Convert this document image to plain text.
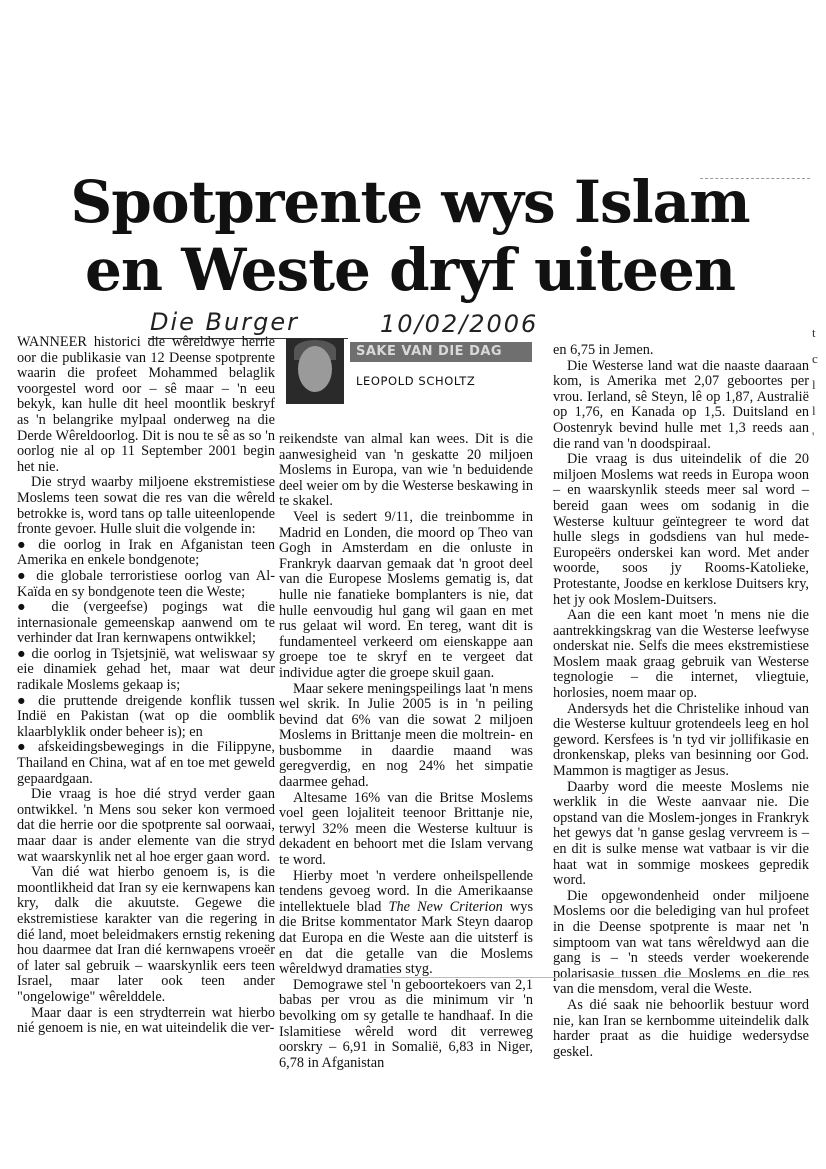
Spotprente wys Islam
en Weste dryf uiteen
Die Burger	10/02/2006

WANNEER historici die wêreldwye herrie oor die publikasie van 12 Deense spotprente waarin die profeet Mohammed belaglik voorgestel word oor – sê maar – 'n eeu bekyk, kan hulle dit heel moontlik beskryf as 'n belangrike mylpaal onderweg na die Derde Wêreldoorlog. Dit is nou te sê as so 'n oorlog nie al op 11 September 2001 begin het nie.

Die stryd waarby miljoene ekstremistiese Moslems teen sowat die res van die wêreld betrokke is, word tans op talle uiteenlopende fronte gevoer. Hulle sluit die volgende in:

● die oorlog in Irak en Afganistan teen Amerika en enkele bondgenote;

● die globale terroristiese oorlog van Al-Kaïda en sy bondgenote teen die Weste;

● die (vergeefse) pogings wat die internasionale gemeenskap aanwend om te verhinder dat Iran kernwapens ontwikkel;

● die oorlog in Tsjetsjnië, wat weliswaar sy eie dinamiek gehad het, maar wat deur radikale Moslems gekaap is;

● die pruttende dreigende konflik tussen Indië en Pakistan (wat op die oomblik klaarblyklik onder beheer is); en

● afskeidingsbewegings in die Filippyne, Thailand en China, wat af en toe met geweld gepaardgaan.

Die vraag is hoe dié stryd verder gaan ontwikkel. 'n Mens sou seker kon vermoed dat die herrie oor die spotprente sal oorwaai, maar daar is ander elemente van die stryd wat waarskynlik net al hoe erger gaan word.

Van dié wat hierbo genoem is, is die moontlikheid dat Iran sy eie kernwapens kan kry, dalk die akuutste. Gegewe die ekstremistiese karakter van die regering in dié land, moet beleidmakers ernstig rekening hou daarmee dat Iran dié kernwapens vroeër of later sal gebruik – waarskynlik eers teen Israel, maar later ook teen ander "ongelowige" wêrelddele.

Maar daar is een strydterrein wat hierbo nié genoem is nie, en wat uiteindelik die ver-

SAKE VAN DIE DAG
LEOPOLD SCHOLTZ

reikendste van almal kan wees. Dit is die aanwesigheid van 'n geskatte 20 miljoen Moslems in Europa, van wie 'n beduidende deel weier om by die Westerse beskawing in te skakel.

Veel is sedert 9/11, die treinbomme in Madrid en Londen, die moord op Theo van Gogh in Amsterdam en die onluste in Frankryk daarvan gemaak dat 'n groot deel van die Europese Moslems gematig is, dat hulle nie fanatieke bomplanters is nie, dat hulle eenvoudig hul gang wil gaan en met rus gelaat wil word. En tereg, want dit is fundamenteel verkeerd om eienskappe aan groepe toe te skryf en te vergeet dat individue agter die groepe skuil gaan.

Maar sekere meningspeilings laat 'n mens wel skrik. In Julie 2005 is in 'n peiling bevind dat 6% van die sowat 2 miljoen Moslems in Brittanje meen die moltrein- en busbomme in daardie maand was geregverdig, en nog 24% het simpatie daarmee gehad.

Altesame 16% van die Britse Moslems voel geen lojaliteit teenoor Brittanje nie, terwyl 32% meen die Westerse kultuur is dekadent en behoort met die Islam vervang te word.

Hierby moet 'n verdere onheilspellende tendens gevoeg word. In die Amerikaanse intellektuele blad The New Criterion wys die Britse kommentator Mark Steyn daarop dat Europa en die Weste aan die uitsterf is en dat die getalle van die Moslems wêreldwyd dramaties styg.

Demograwe stel 'n geboortekoers van 2,1 babas per vrou as die minimum vir 'n bevolking om sy getalle te handhaaf. In die Islamitiese wêreld word dit verreweg oorskry – 6,91 in Somalië, 6,83 in Niger, 6,78 in Afganistan

en 6,75 in Jemen.

Die Westerse land wat die naaste daaraan kom, is Amerika met 2,07 geboortes per vrou. Ierland, sê Steyn, lê op 1,87, Australië op 1,76, en Kanada op 1,5. Duitsland en Oostenryk bevind hulle met 1,3 reeds aan die rand van 'n doodspiraal.

Die vraag is dus uiteindelik of die 20 miljoen Moslems wat reeds in Europa woon – en waarskynlik steeds meer sal word – bereid gaan wees om sodanig in die Westerse kultuur geïntegreer te word dat hulle slegs in godsdiens van hul mede-Europeërs onderskei kan word. Met ander woorde, soos jy Rooms-Katolieke, Protestante, Joodse en kerklose Duitsers kry, het jy ook Moslem-Duitsers.

Aan die een kant moet 'n mens nie die aantrekkingskrag van die Westerse leefwyse onderskat nie. Selfs die mees ekstremistiese Moslem maak graag gebruik van Westerse tegnologie – die internet, vliegtuie, horlosies, noem maar op.

Andersyds het die Christelike inhoud van die Westerse kultuur grotendeels leeg en hol geword. Kersfees is 'n tyd vir jollifikasie en dronkenskap, pleks van besinning oor God. Mammon is magtiger as Jesus.

Daarby word die meeste Moslems nie werklik in die Weste aanvaar nie. Die opstand van die Moslem-jonges in Frankryk het gewys dat 'n ganse geslag vervreem is – en dit is sulke mense wat vatbaar is vir die haat wat in sommige moskees gepredik word.

Die opgewondenheid onder miljoene Moslems oor die belediging van hul profeet in die Deense spotprente is maar net 'n simptoom van wat tans wêreldwyd aan die gang is – 'n steeds verder woekerende polarisasie tussen die Moslems en die res van die mensdom, veral die Weste.

As dié saak nie behoorlik bestuur word nie, kan Iran se kernbomme uiteindelik dalk harder praat as die huidige wedersydse geskel.

t
c
l
l
'
